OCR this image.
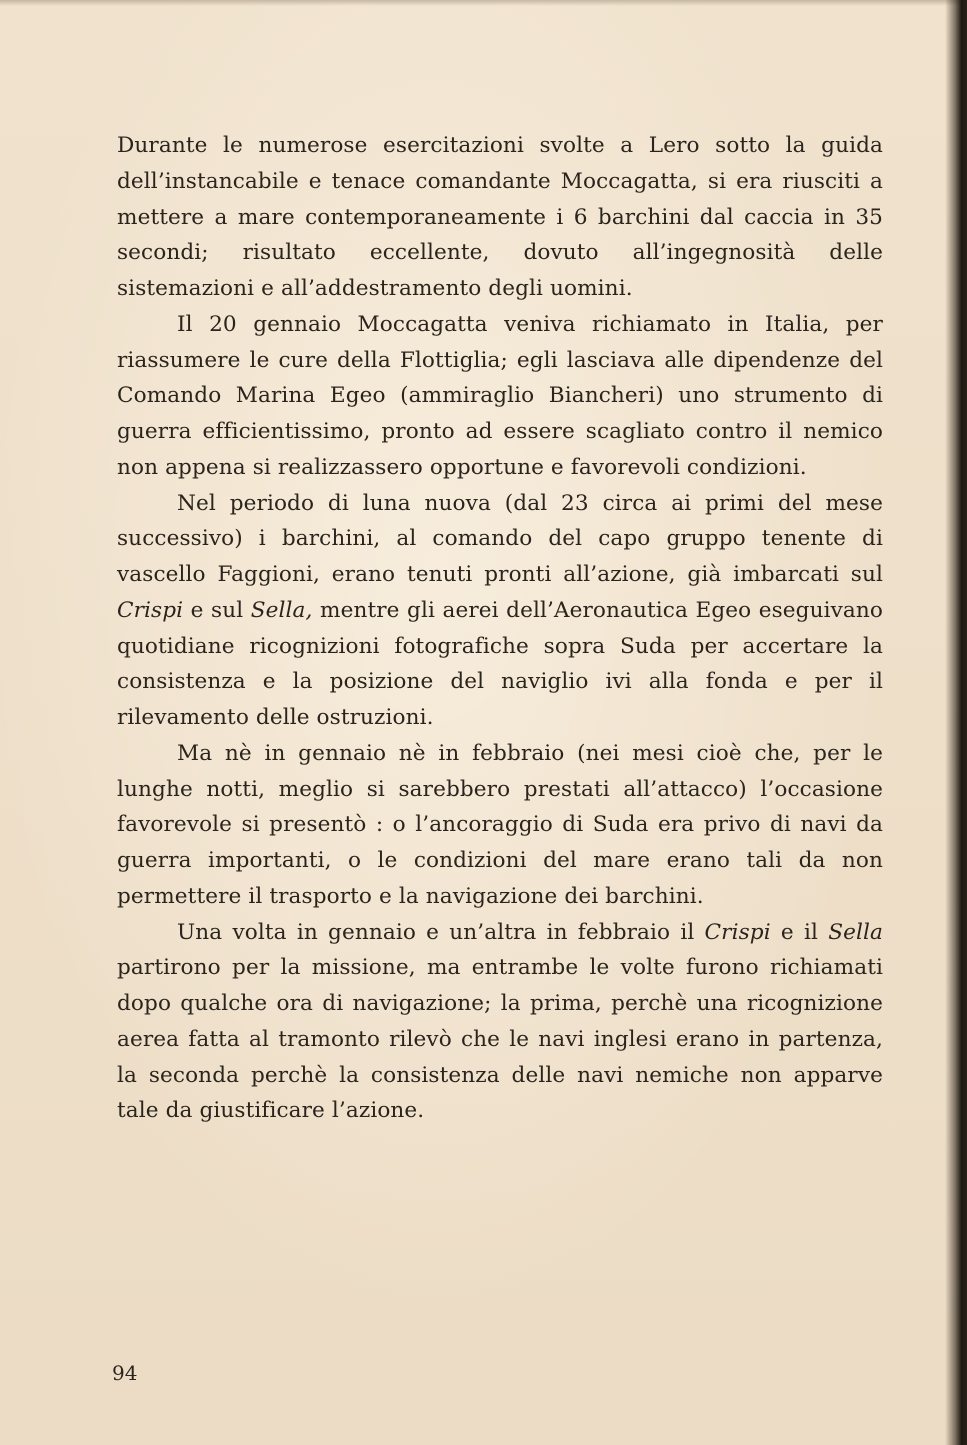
Durante le numerose esercitazioni svolte a Lero sotto la guida dell’instancabile e tenace comandante Moccagatta, si era riusciti a mettere a mare contemporaneamente i 6 barchini dal caccia in 35 secondi; risultato eccellente, dovuto all’ingegnosità delle sistemazioni e all’addestramento degli uomini.

Il 20 gennaio Moccagatta veniva richiamato in Italia, per riassumere le cure della Flottiglia; egli lasciava alle dipendenze del Comando Marina Egeo (ammiraglio Biancheri) uno strumento di guerra efficientissimo, pronto ad essere scagliato contro il nemico non appena si realizzassero opportune e favorevoli condizioni.

Nel periodo di luna nuova (dal 23 circa ai primi del mese successivo) i barchini, al comando del capo gruppo tenente di vascello Faggioni, erano tenuti pronti all’azione, già imbarcati sul Crispi e sul Sella, mentre gli aerei dell’Aeronautica Egeo eseguivano quotidiane ricognizioni fotografiche sopra Suda per accertare la consistenza e la posizione del naviglio ivi alla fonda e per il rilevamento delle ostruzioni.

Ma nè in gennaio nè in febbraio (nei mesi cioè che, per le lunghe notti, meglio si sarebbero prestati all’attacco) l’occasione favorevole si presentò : o l’ancoraggio di Suda era privo di navi da guerra importanti, o le condizioni del mare erano tali da non permettere il trasporto e la navigazione dei barchini.

Una volta in gennaio e un’altra in febbraio il Crispi e il Sella partirono per la missione, ma entrambe le volte furono richiamati dopo qualche ora di navigazione; la prima, perchè una ricognizione aerea fatta al tramonto rilevò che le navi inglesi erano in partenza, la seconda perchè la consistenza delle navi nemiche non apparve tale da giustificare l’azione.

94
